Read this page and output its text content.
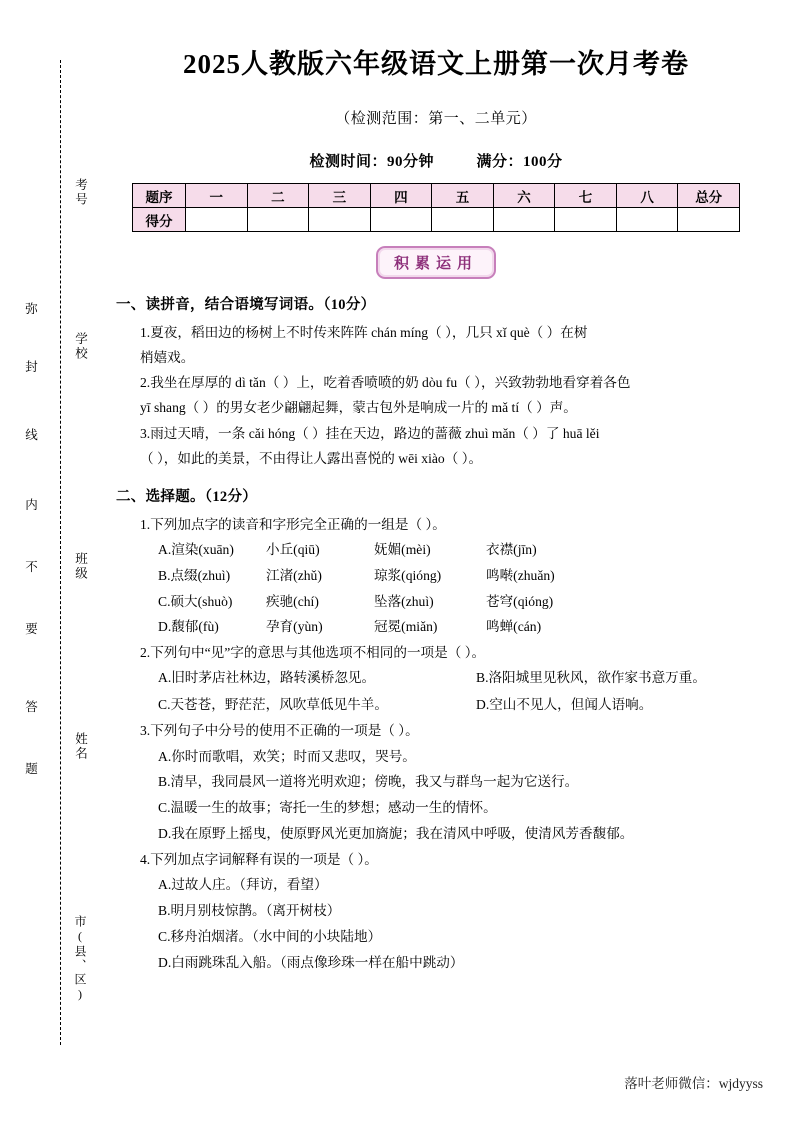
考号
学校
班级
姓名
市(县、区)
弥
封
线
内
不
要
答
题
2025人教版六年级语文上册第一次月考卷
（检测范围：第一、二单元）
检测时间：90分钟	满分：100分
题序	一	二	三	四	五	六	七	八	总分
得分									
积累运用
一、读拼音，结合语境写词语。（10分）
1.夏夜，稻田边的杨树上不时传来阵阵 chán míng（ ），几只 xǐ què（ ）在树
梢嬉戏。
2.我坐在厚厚的 dì tǎn（ ）上，吃着香喷喷的奶 dòu fu（ ），兴致勃勃地看穿着各色
yī shang（ ）的男女老少翩翩起舞，蒙古包外是响成一片的 mǎ tí（ ）声。
3.雨过天晴，一条 cǎi hóng（ ）挂在天边，路边的蔷薇 zhuì mǎn（ ）了 huā lěi
（ ），如此的美景，不由得让人露出喜悦的 wēi xiào（ ）。
二、选择题。（12分）
1.下列加点字的读音和字形完全正确的一组是（ ）。
A.渲染(xuān)	小丘(qiū)	妩媚(mèi)	衣襟(jīn)
B.点缀(zhuì)	江渚(zhǔ)	琼浆(qióng)	鸣啭(zhuǎn)
C.硕大(shuò)	疾驰(chí)	坠落(zhuì)	苍穹(qióng)
D.馥郁(fù)	孕育(yùn)	冠冕(miǎn)	鸣蝉(cán)
2.下列句中“见”字的意思与其他选项不相同的一项是（ ）。
A.旧时茅店社林边，路转溪桥忽见。	B.洛阳城里见秋风，欲作家书意万重。
C.天苍苍，野茫茫，风吹草低见牛羊。	D.空山不见人，但闻人语响。
3.下列句子中分号的使用不正确的一项是（ ）。
A.你时而歌唱，欢笑；时而又悲叹，哭号。
B.清早，我同晨风一道将光明欢迎；傍晚，我又与群鸟一起为它送行。
C.温暖一生的故事；寄托一生的梦想；感动一生的情怀。
D.我在原野上摇曳，使原野风光更加旖旎；我在清风中呼吸，使清风芳香馥郁。
4.下列加点字词解释有误的一项是（ ）。
A.过故人庄。（拜访，看望）
B.明月别枝惊鹊。（离开树枝）
C.移舟泊烟渚。（水中间的小块陆地）
D.白雨跳珠乱入船。（雨点像珍珠一样在船中跳动）
落叶老师微信：wjdyyss
